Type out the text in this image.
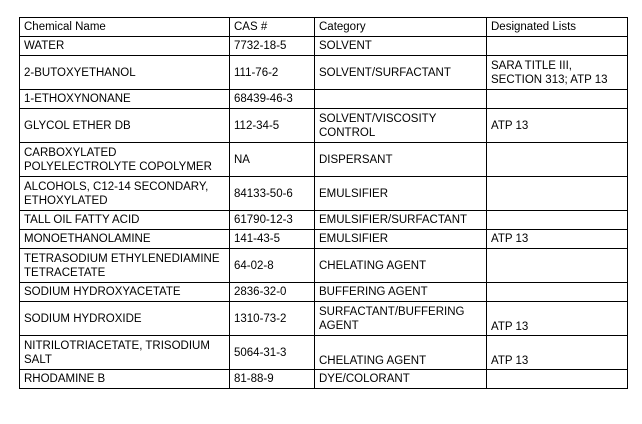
Chemical Name	CAS #	Category	Designated Lists
WATER	7732-18-5	SOLVENT	
2-BUTOXYETHANOL	111-76-2	SOLVENT/SURFACTANT	SARA TITLE III, SECTION 313; ATP 13
1-ETHOXYNONANE	68439-46-3		
GLYCOL ETHER DB	112-34-5	SOLVENT/VISCOSITY CONTROL	ATP 13
CARBOXYLATED POLYELECTROLYTE COPOLYMER	NA	DISPERSANT	
ALCOHOLS, C12-14 SECONDARY, ETHOXYLATED	84133-50-6	EMULSIFIER	
TALL OIL FATTY ACID	61790-12-3	EMULSIFIER/SURFACTANT	
MONOETHANOLAMINE	141-43-5	EMULSIFIER	ATP 13
TETRASODIUM ETHYLENEDIAMINE TETRACETATE	64-02-8	CHELATING AGENT	
SODIUM HYDROXYACETATE	2836-32-0	BUFFERING AGENT	
SODIUM HYDROXIDE	1310-73-2	SURFACTANT/BUFFERING AGENT	ATP 13
NITRILOTRIACETATE, TRISODIUM SALT	5064-31-3	CHELATING AGENT	ATP 13
RHODAMINE B	81-88-9	DYE/COLORANT	
